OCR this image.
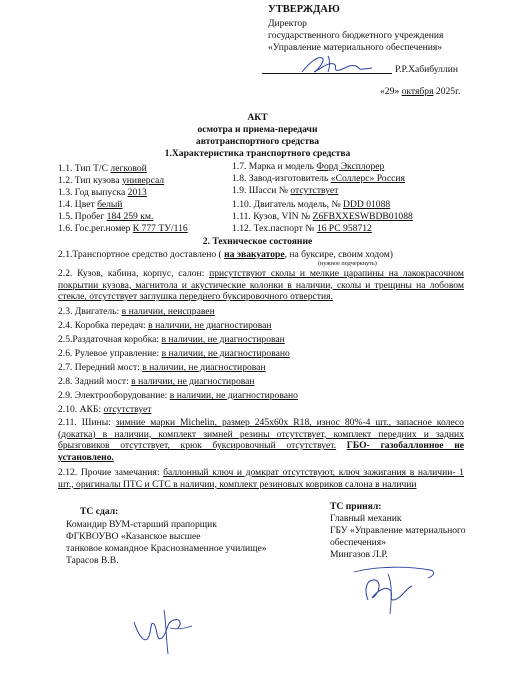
УТВЕРЖДАЮ
Директор
государственного бюджетного учреждения
«Управление материального обеспечения»
Р.Р.Хабибуллин
«29» октября 2025г.
АКТ
осмотра и приема-передачи
автотранспортного средства
1.Характеристика транспортного средства
1.1. Тип Т/С легковой
1.2. Тип кузова универсал
1.3. Год выпуска 2013
1.4. Цвет белый
1.5. Пробег 184 259 км.
1.6. Гос.рег.номер К 777 ТУ/116
1.7. Марка и модель Форд Эксплорер
1.8. Завод-изготовитель «Соллерс» Россия
1.9. Шасси № отсутствует
1.10. Двигатель модель, № DDD 01088
1.11. Кузов, VIN № Z6FBXXESWBDB01088
1.12. Тех.паспорт № 16 РС 958712
2. Техническое состояние
2.1.Транспортное средство доставлено ( на эвакуаторе, на буксире, своим ходом)
(нужное подчеркнуть)
2.2. Кузов, кабина, корпус, салон: присутствуют сколы и мелкие царапины на лакокрасочном покрытии кузова, магнитола и акустические колонки в наличии, сколы и трещины на лобовом стекле, отсутствует заглушка переднего буксировочного отверстия.
2.3. Двигатель: в наличии, неисправен
2.4. Коробка передач: в наличии, не диагностирован
2.5.Раздаточная коробка: в наличии, не диагностирован
2.6. Рулевое управление: в наличии, не диагностировано
2.7. Передний мост: в наличии, не диагностирован
2.8. Задний мост: в наличии, не диагностирован
2.9. Электрооборудование: в наличии, не диагностировано
2.10. АКБ: отсутствует
2.11. Шины: зимние марки Michelin, размер 245х60х R18, износ 80%-4 шт., запасное колесо (докатка) в наличии, комплект зимней резины отсутствует, комплект передних и задних брызговиков отсутствует, крюк буксировочный отсутствует. ГБО- газобаллонное не установлено.
2.12. Прочие замечания: баллонный ключ и домкрат отсутствуют, ключ зажигания в наличии- 1 шт., оригиналы ПТС и СТС в наличии, комплект резиновых ковриков салона в наличии
ТС сдал:
Командир ВУМ-старший прапорщик
ФГКВОУВО «Казанское высшее
танковое командное Краснознаменное училище»
Тарасов В.В.
ТС принял:
Главный механик
ГБУ «Управление материального
обеспечения»
Мингазов Л.Р.
